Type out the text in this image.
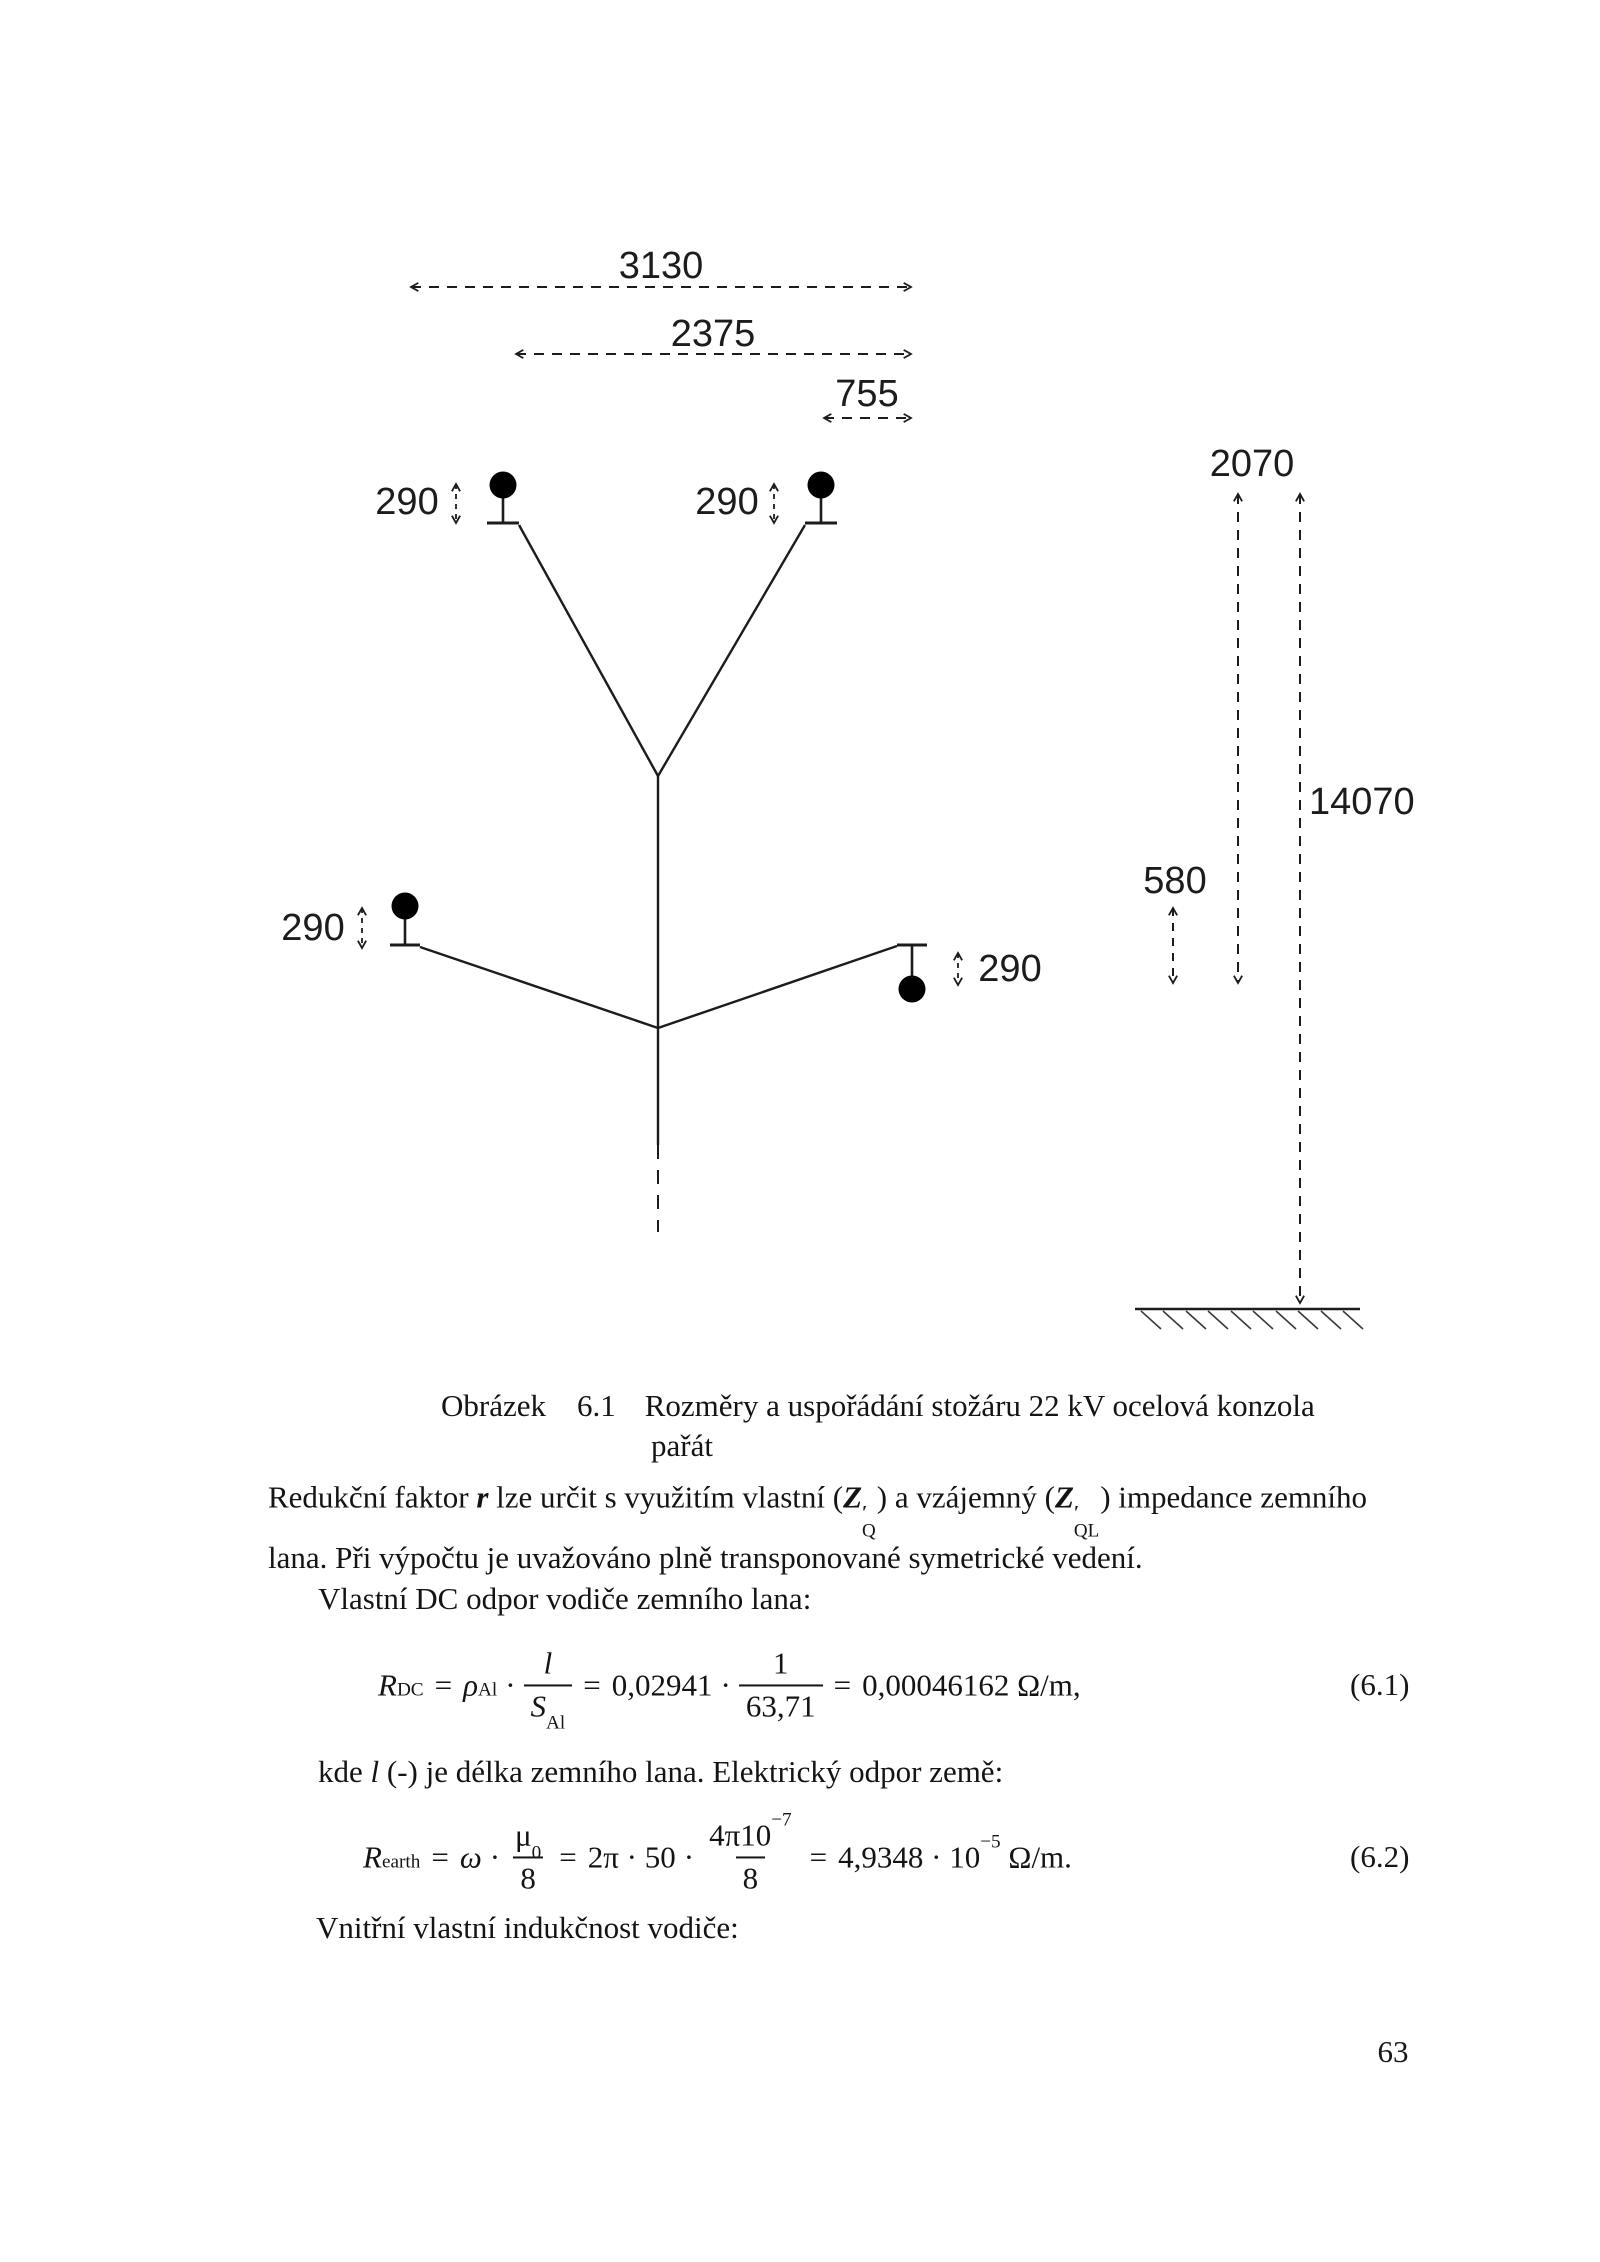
3130
2375
755
290	290
290
290
2070
14070
580
Obrázek 6.1 Rozměry a uspořádání stožáru 22 kV ocelová konzola
pařát
Redukční faktor r lze určit s využitím vlastní (Z ′
Q
) a vzájemný (Z ′
QL
) impedance zemního
lana. Při výpočtu je uvažováno plně transponované symetrické vedení.
Vlastní DC odpor vodiče zemního lana:
$R_{DC} = \rho_{Al} \cdot \frac{l}{S_{Al}} = 0,02941 \cdot \frac{1}{63,71} = 0,00046162$ Ω/m,	(6.1)
kde l (-) je délka zemního lana. Elektrický odpor země:
$R_{earth} = \omega \cdot \frac{\mu_0}{8} = 2\pi \cdot 50 \cdot \frac{4\pi 10^{-7}}{8} = 4,9348 \cdot 10^{-5}$ Ω/m.	(6.2)
Vnitřní vlastní indukčnost vodiče:
63
